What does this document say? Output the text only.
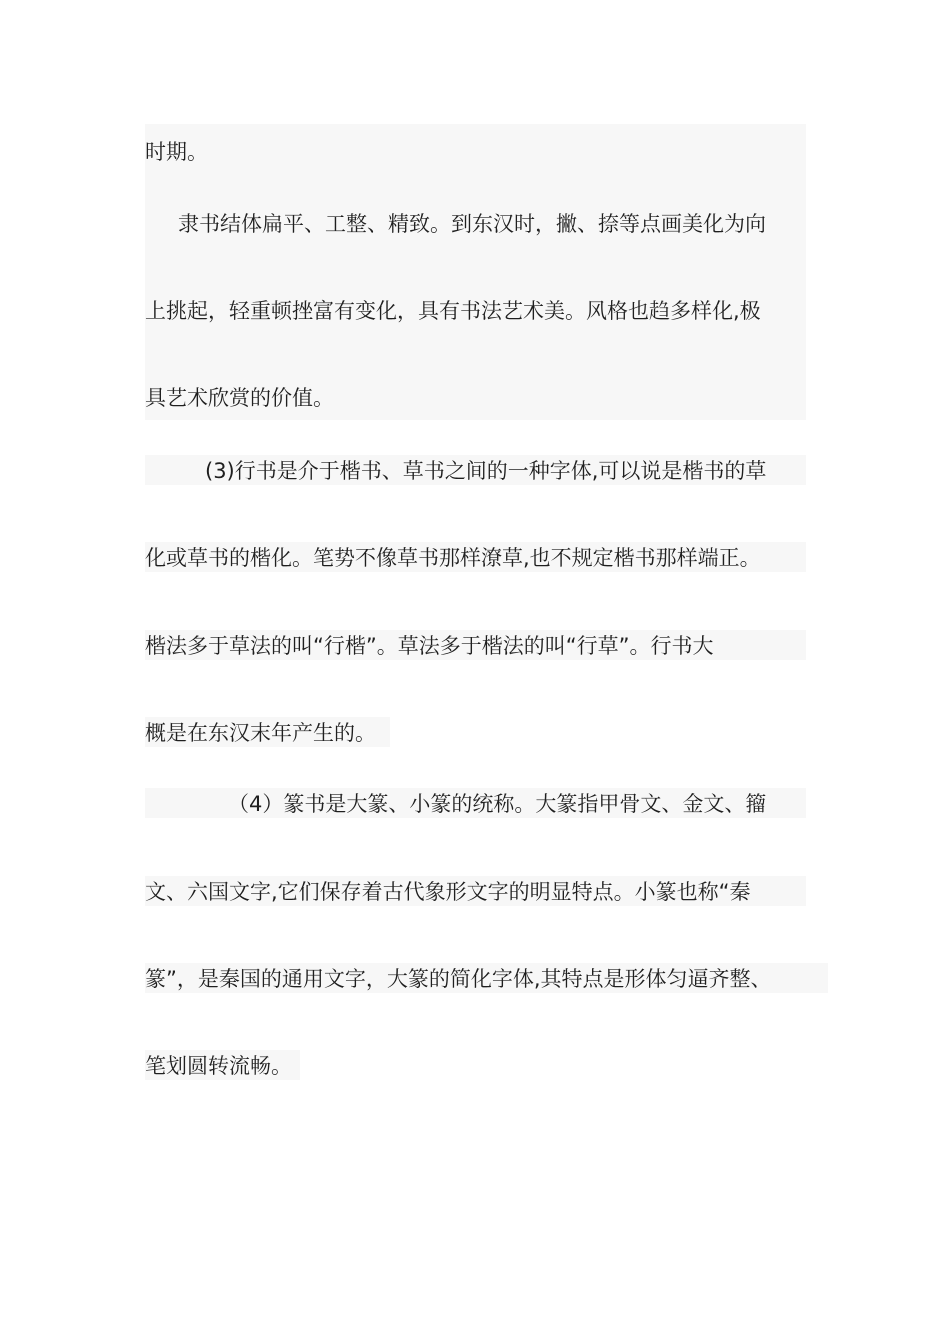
时期。
隶书结体扁平、工整、精致。到东汉时，撇、捺等点画美化为向
上挑起，轻重顿挫富有变化，具有书法艺术美。风格也趋多样化,极
具艺术欣赏的价值。
(3)行书是介于楷书、草书之间的一种字体,可以说是楷书的草
化或草书的楷化。笔势不像草书那样潦草,也不规定楷书那样端正。
楷法多于草法的叫“行楷”。草法多于楷法的叫“行草”。行书大
概是在东汉末年产生的。
（4）篆书是大篆、小篆的统称。大篆指甲骨文、金文、籀
文、六国文字,它们保存着古代象形文字的明显特点。小篆也称“秦
篆”，是秦国的通用文字，大篆的简化字体,其特点是形体匀逼齐整、
笔划圆转流畅。
